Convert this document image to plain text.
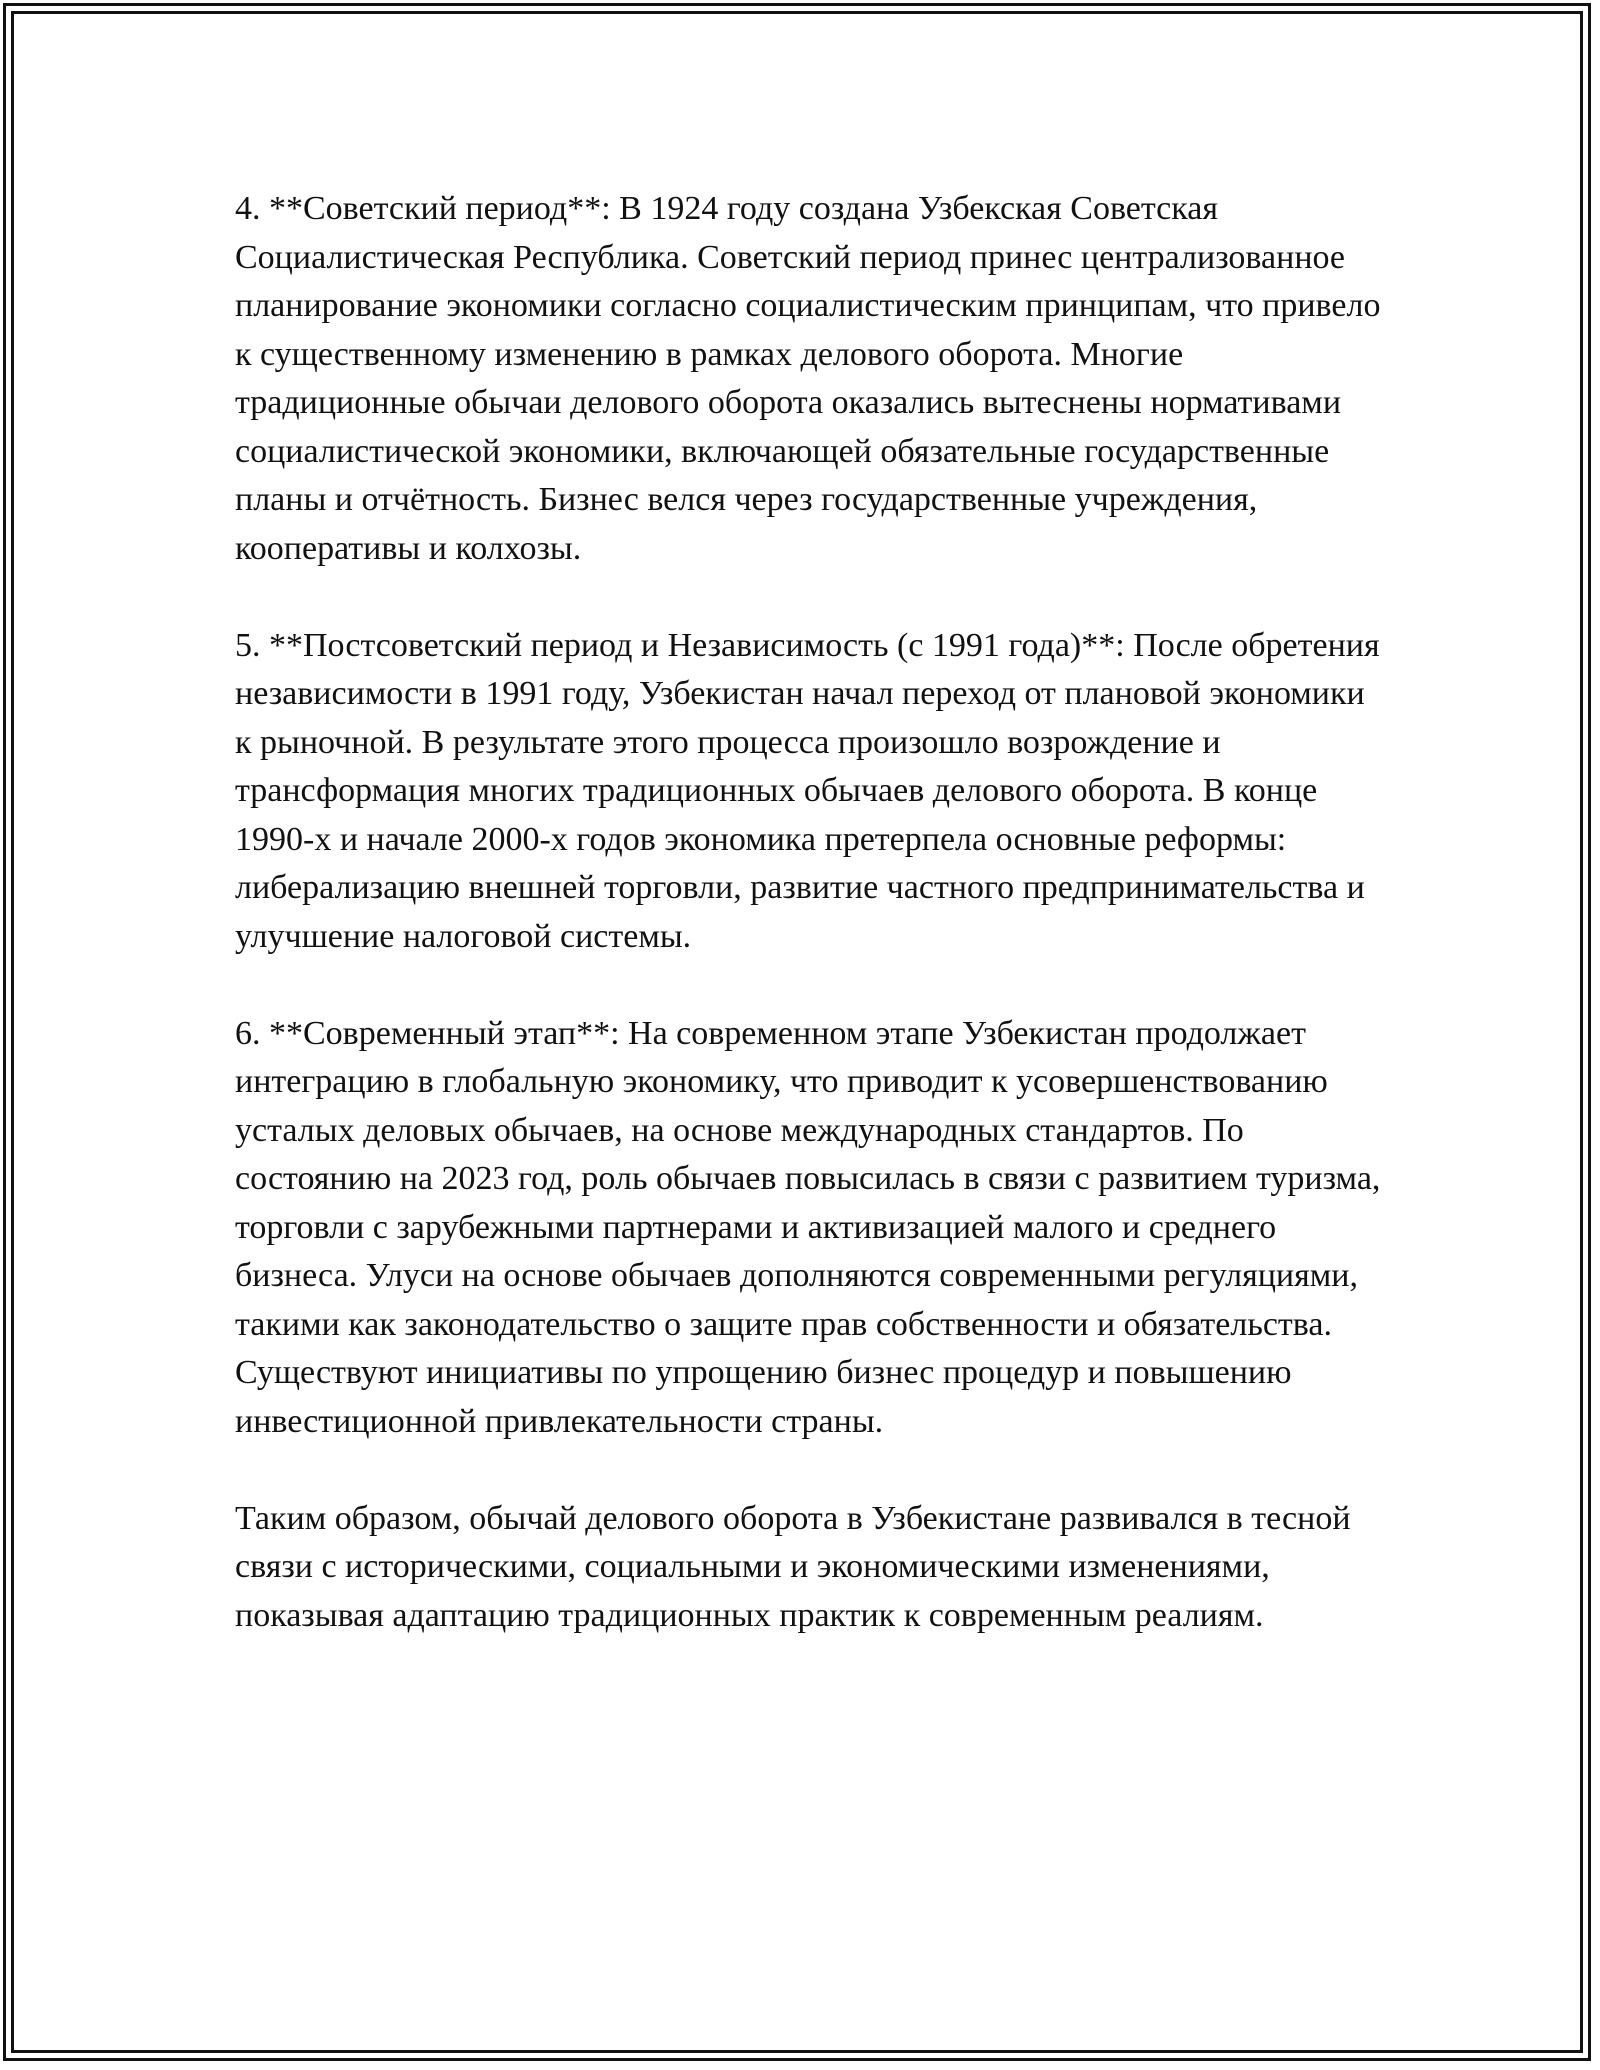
4. **Советский период**: В 1924 году создана Узбекская Советская Социалистическая Республика. Советский период принес централизованное планирование экономики согласно социалистическим принципам, что привело к существенному изменению в рамках делового оборота. Многие традиционные обычаи делового оборота оказались вытеснены нормативами социалистической экономики, включающей обязательные государственные планы и отчётность. Бизнес велся через государственные учреждения, кооперативы и колхозы.

5. **Постсоветский период и Независимость (с 1991 года)**: После обретения независимости в 1991 году, Узбекистан начал переход от плановой экономики к рыночной. В результате этого процесса произошло возрождение и трансформация многих традиционных обычаев делового оборота. В конце 1990-х и начале 2000-х годов экономика претерпела основные реформы: либерализацию внешней торговли, развитие частного предпринимательства и улучшение налоговой системы.

6. **Современный этап**: На современном этапе Узбекистан продолжает интеграцию в глобальную экономику, что приводит к усовершенствованию усталых деловых обычаев, на основе международных стандартов. По состоянию на 2023 год, роль обычаев повысилась в связи с развитием туризма, торговли с зарубежными партнерами и активизацией малого и среднего бизнеса. Улуси на основе обычаев дополняются современными регуляциями, такими как законодательство о защите прав собственности и обязательства. Существуют инициативы по упрощению бизнес процедур и повышению инвестиционной привлекательности страны.

Таким образом, обычай делового оборота в Узбекистане развивался в тесной связи с историческими, социальными и экономическими изменениями, показывая адаптацию традиционных практик к современным реалиям.
